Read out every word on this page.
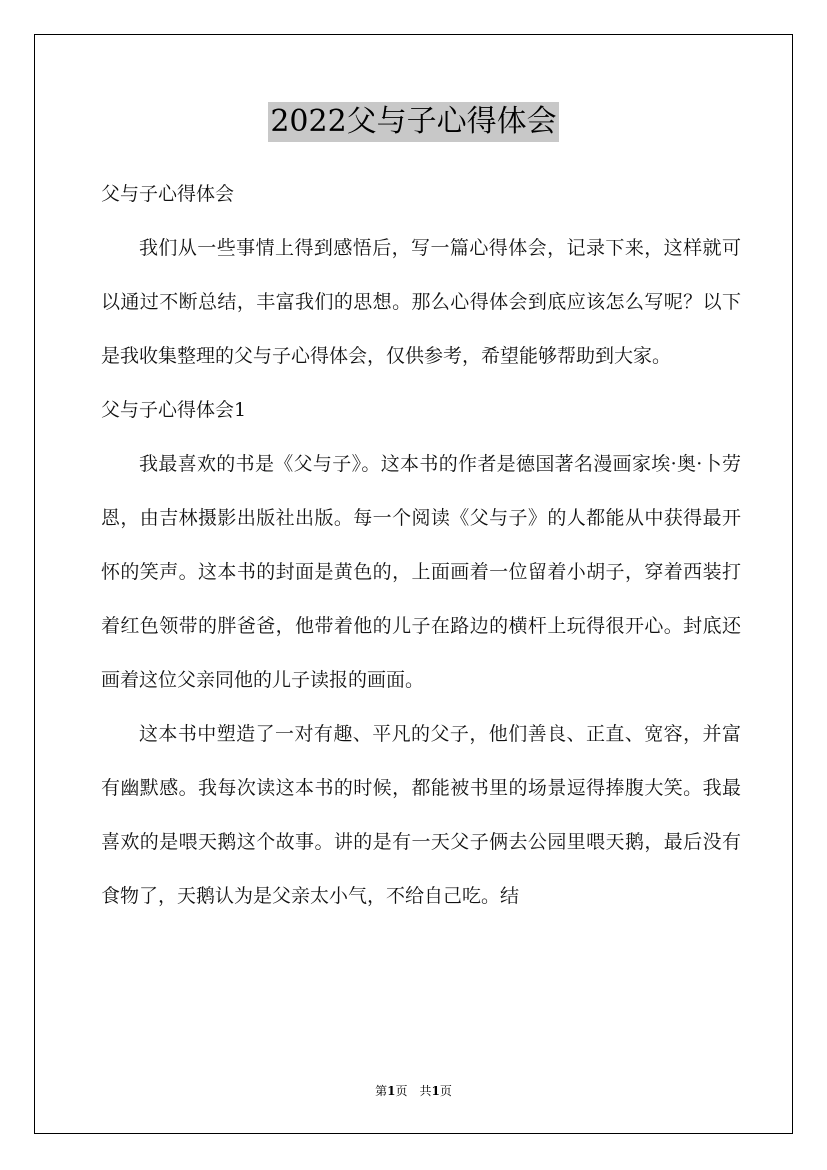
2022父与子心得体会

父与子心得体会

我们从一些事情上得到感悟后，写一篇心得体会，记录下来，这样就可以通过不断总结，丰富我们的思想。那么心得体会到底应该怎么写呢？以下是我收集整理的父与子心得体会，仅供参考，希望能够帮助到大家。

父与子心得体会1

我最喜欢的书是《父与子》。这本书的作者是德国著名漫画家埃·奥·卜劳恩，由吉林摄影出版社出版。每一个阅读《父与子》的人都能从中获得最开怀的笑声。这本书的封面是黄色的，上面画着一位留着小胡子，穿着西装打着红色领带的胖爸爸，他带着他的儿子在路边的横杆上玩得很开心。封底还画着这位父亲同他的儿子读报的画面。

这本书中塑造了一对有趣、平凡的父子，他们善良、正直、宽容，并富有幽默感。我每次读这本书的时候，都能被书里的场景逗得捧腹大笑。我最喜欢的是喂天鹅这个故事。讲的是有一天父子俩去公园里喂天鹅，最后没有食物了，天鹅认为是父亲太小气，不给自己吃。结

第1页　共1页
